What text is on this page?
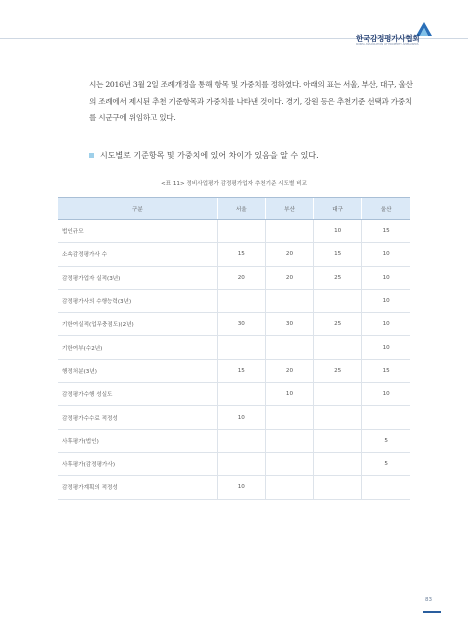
한국감정평가사협회
KOREA ASSOCIATION OF PROPERTY APPRAISERS
시는 2016년 3월 2일 조례개정을 통해 항목 및 가중치를 정하였다. 아래의 표는 서울, 부산, 대구, 울산의 조례에서 제시된 추천 기준항목과 가중치를 나타낸 것이다. 경기, 강원 등은 추천기준 선택과 가중치를 시군구에 위임하고 있다.
시도별로 기준항목 및 가중치에 있어 차이가 있음을 알 수 있다.
<표 11> 정비사업평가 감정평가업자 추천기준 시도별 비교
구분	서울	부산	대구	울산
법인규모			10	15
소속감정평가사 수	15	20	15	10
감정평가업자 실적(3년)	20	20	25	10
감정평가사의 수행능력(3년)				10
기한여실적(업무충점도)(2년)	30	30	25	10
기한여부(수2년)				10
행정처분(3년)	15	20	25	15
감정평가수행 성실도		10		10
감정평가수수료 적정성	10			
사후평가(법인)				5
사후평가(감정평가사)				5
감정평가계획의 적정성	10			
83
